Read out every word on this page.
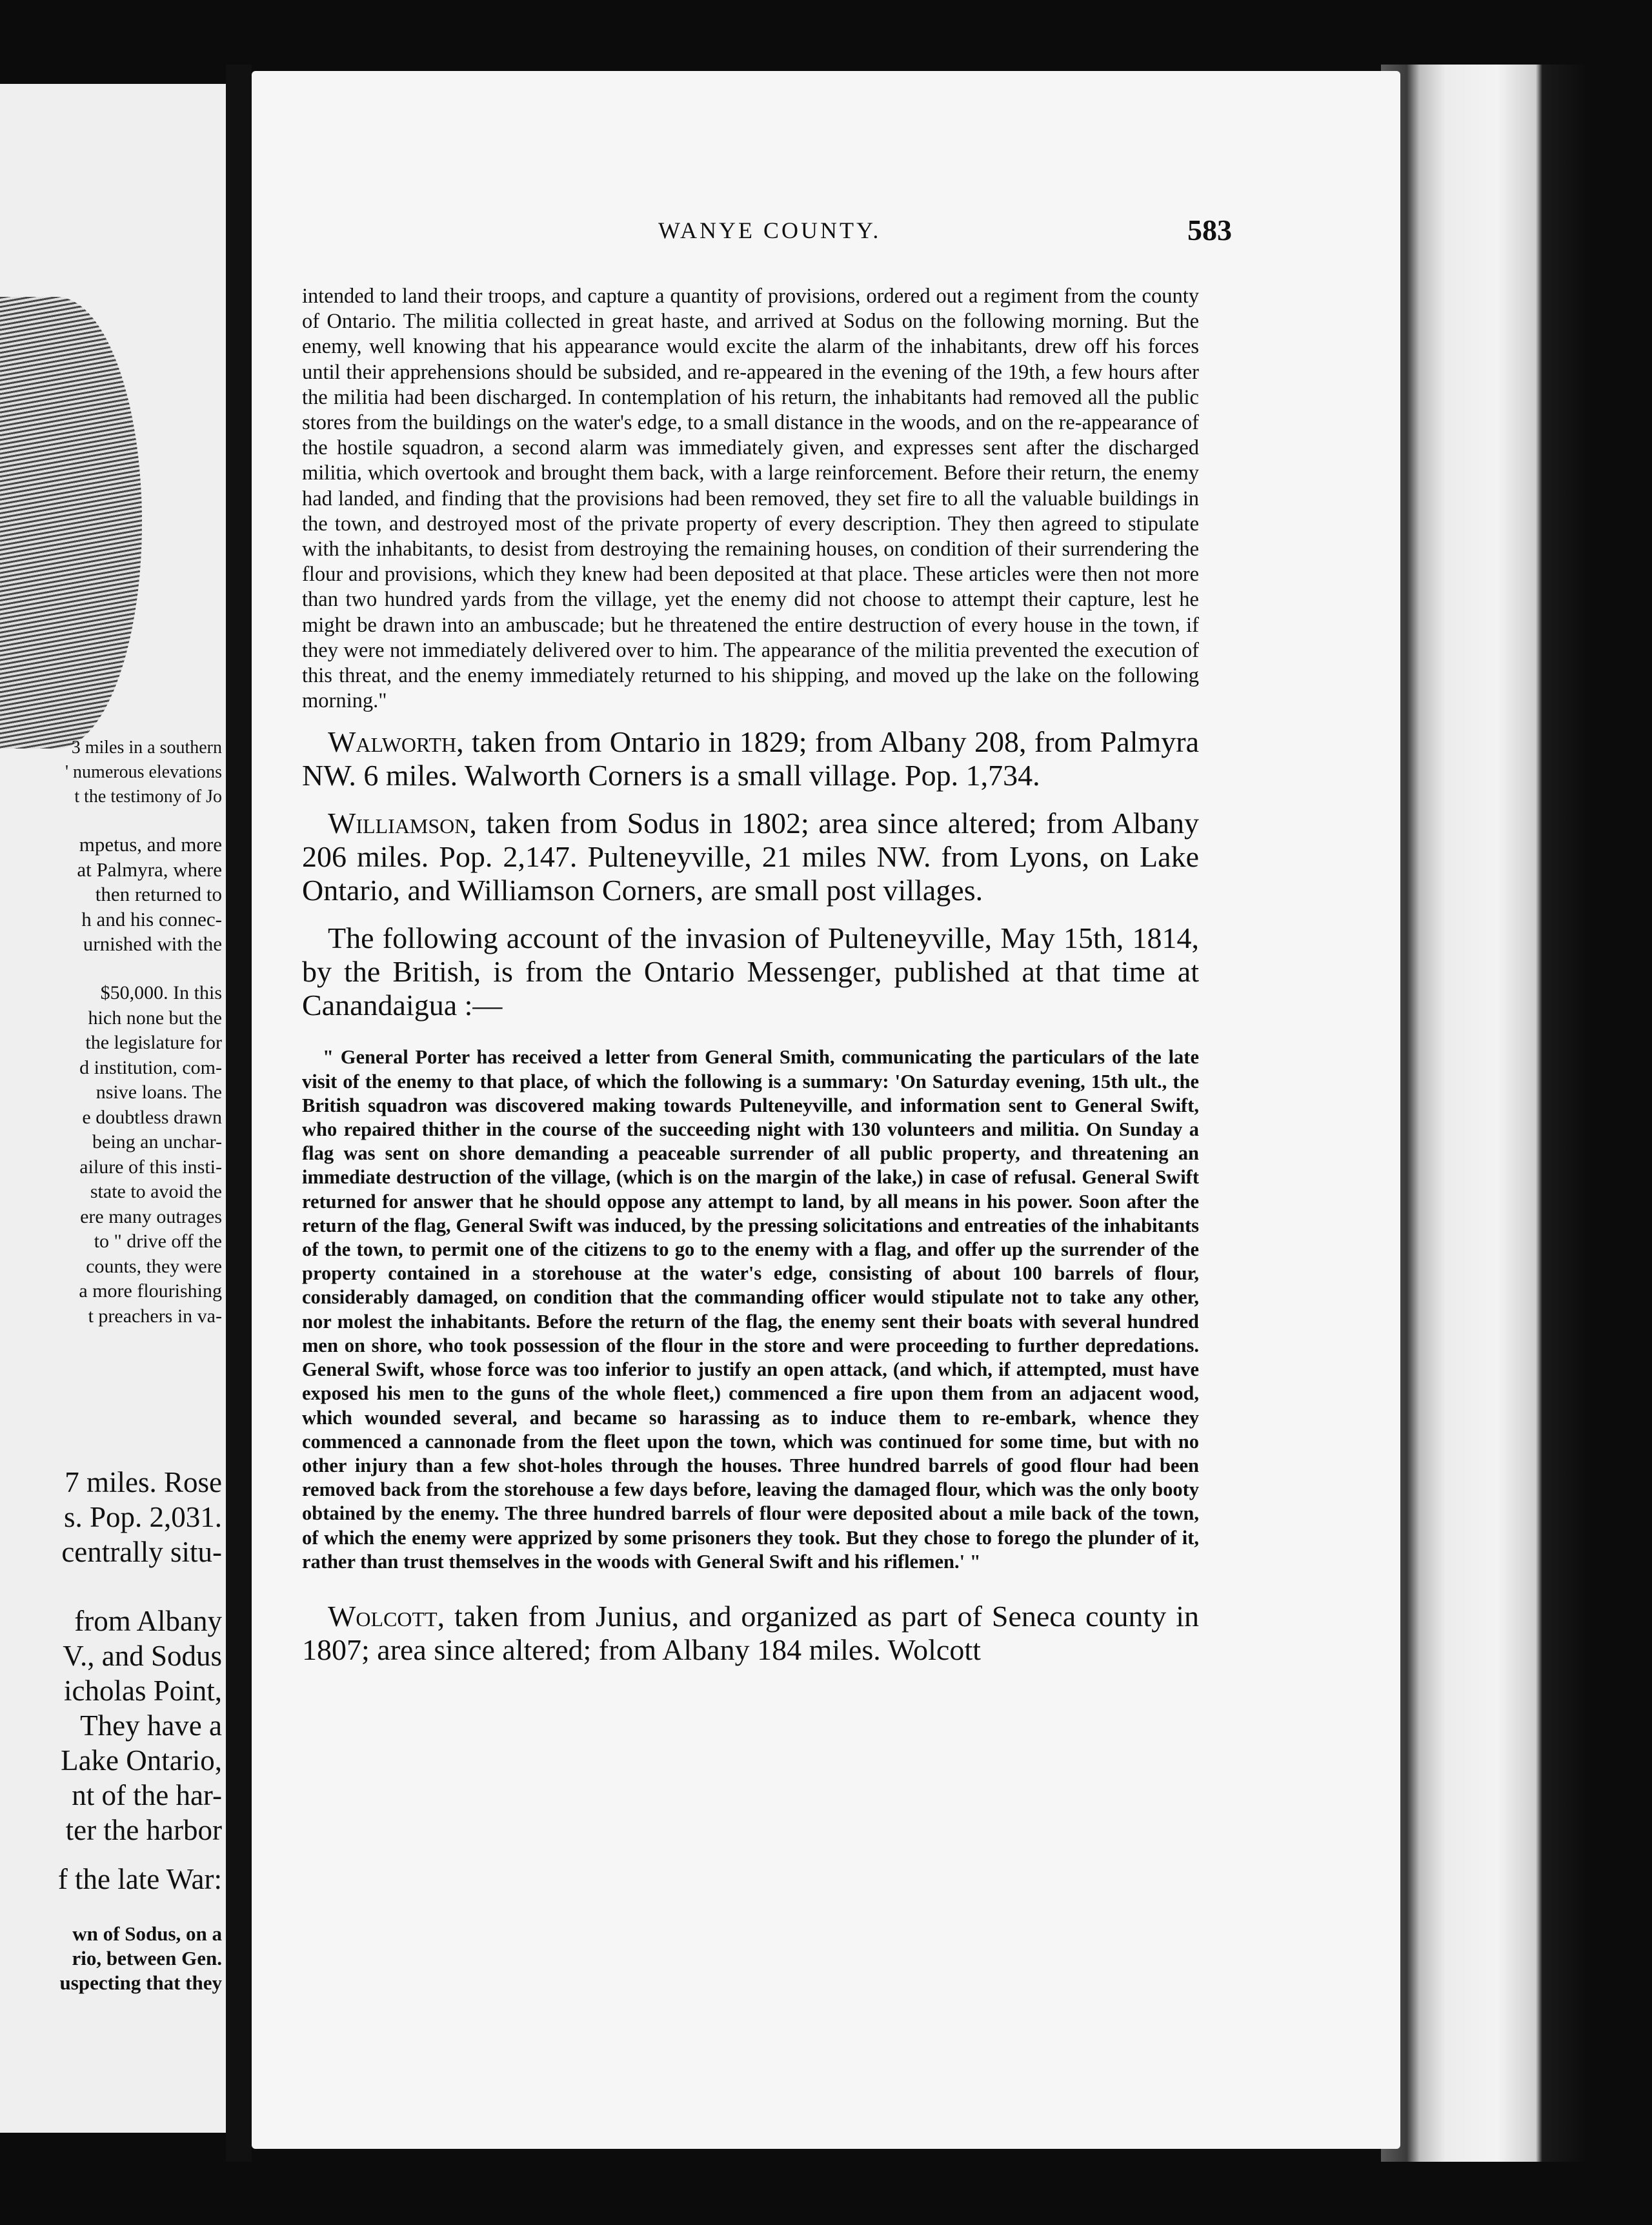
3 miles in a southern
' numerous elevations
t the testimony of Jo
mpetus, and more
at Palmyra, where
then returned to
h and his connec-
urnished with the
$50,000. In this
hich none but the
the legislature for
d institution, com-
nsive loans. The
e doubtless drawn
being an unchar-
ailure of this insti-
state to avoid the
ere many outrages
to " drive off the
counts, they were
a more flourishing
t preachers in va-
7 miles. Rose
s. Pop. 2,031.
centrally situ-
from Albany
V., and Sodus
icholas Point,
They have a
Lake Ontario,
nt of the har-
ter the harbor
f the late War:
wn of Sodus, on a
rio, between Gen.
uspecting that they
WANYE COUNTY.	583

intended to land their troops, and capture a quantity of provisions, ordered out a regiment from the county of Ontario. The militia collected in great haste, and arrived at Sodus on the following morning. But the enemy, well knowing that his appearance would excite the alarm of the inhabitants, drew off his forces until their apprehensions should be subsided, and re-appeared in the evening of the 19th, a few hours after the militia had been discharged. In contemplation of his return, the inhabitants had removed all the public stores from the buildings on the water's edge, to a small distance in the woods, and on the re-appearance of the hostile squadron, a second alarm was immediately given, and expresses sent after the discharged militia, which overtook and brought them back, with a large reinforcement. Before their return, the enemy had landed, and finding that the provisions had been removed, they set fire to all the valuable buildings in the town, and destroyed most of the private property of every description. They then agreed to stipulate with the inhabitants, to desist from destroying the remaining houses, on condition of their surrendering the flour and provisions, which they knew had been deposited at that place. These articles were then not more than two hundred yards from the village, yet the enemy did not choose to attempt their capture, lest he might be drawn into an ambuscade; but he threatened the entire destruction of every house in the town, if they were not immediately delivered over to him. The appearance of the militia prevented the execution of this threat, and the enemy immediately returned to his shipping, and moved up the lake on the following morning."

Walworth, taken from Ontario in 1829; from Albany 208, from Palmyra NW. 6 miles. Walworth Corners is a small village. Pop. 1,734.

Williamson, taken from Sodus in 1802; area since altered; from Albany 206 miles. Pop. 2,147. Pulteneyville, 21 miles NW. from Lyons, on Lake Ontario, and Williamson Corners, are small post villages.

The following account of the invasion of Pulteneyville, May 15th, 1814, by the British, is from the Ontario Messenger, published at that time at Canandaigua :—

" General Porter has received a letter from General Smith, communicating the particulars of the late visit of the enemy to that place, of which the following is a summary: 'On Saturday evening, 15th ult., the British squadron was discovered making towards Pulteneyville, and information sent to General Swift, who repaired thither in the course of the succeeding night with 130 volunteers and militia. On Sunday a flag was sent on shore demanding a peaceable surrender of all public property, and threatening an immediate destruction of the village, (which is on the margin of the lake,) in case of refusal. General Swift returned for answer that he should oppose any attempt to land, by all means in his power. Soon after the return of the flag, General Swift was induced, by the pressing solicitations and entreaties of the inhabitants of the town, to permit one of the citizens to go to the enemy with a flag, and offer up the surrender of the property contained in a storehouse at the water's edge, consisting of about 100 barrels of flour, considerably damaged, on condition that the commanding officer would stipulate not to take any other, nor molest the inhabitants. Before the return of the flag, the enemy sent their boats with several hundred men on shore, who took possession of the flour in the store and were proceeding to further depredations. General Swift, whose force was too inferior to justify an open attack, (and which, if attempted, must have exposed his men to the guns of the whole fleet,) commenced a fire upon them from an adjacent wood, which wounded several, and became so harassing as to induce them to re-embark, whence they commenced a cannonade from the fleet upon the town, which was continued for some time, but with no other injury than a few shot-holes through the houses. Three hundred barrels of good flour had been removed back from the storehouse a few days before, leaving the damaged flour, which was the only booty obtained by the enemy. The three hundred barrels of flour were deposited about a mile back of the town, of which the enemy were apprized by some prisoners they took. But they chose to forego the plunder of it, rather than trust themselves in the woods with General Swift and his riflemen.' "

Wolcott, taken from Junius, and organized as part of Seneca county in 1807; area since altered; from Albany 184 miles. Wolcott
